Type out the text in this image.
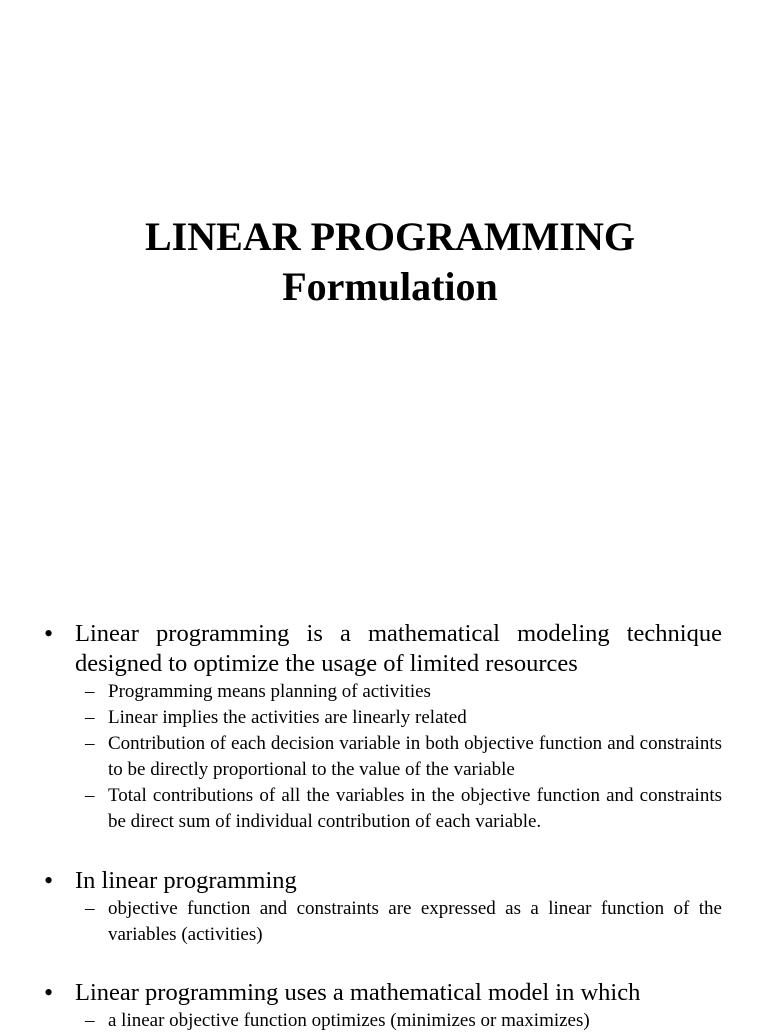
LINEAR PROGRAMMING

Formulation

• Linear programming is a mathematical modeling technique designed to optimize the usage of limited resources
– Programming means planning of activities
– Linear implies the activities are linearly related
– Contribution of each decision variable in both objective function and constraints to be directly proportional to the value of the variable
– Total contributions of all the variables in the objective function and constraints be direct sum of individual contribution of each variable.
• In linear programming
– objective function and constraints are expressed as a linear function of the variables (activities)
• Linear programming uses a mathematical model in which
– a linear objective function optimizes (minimizes or maximizes)
